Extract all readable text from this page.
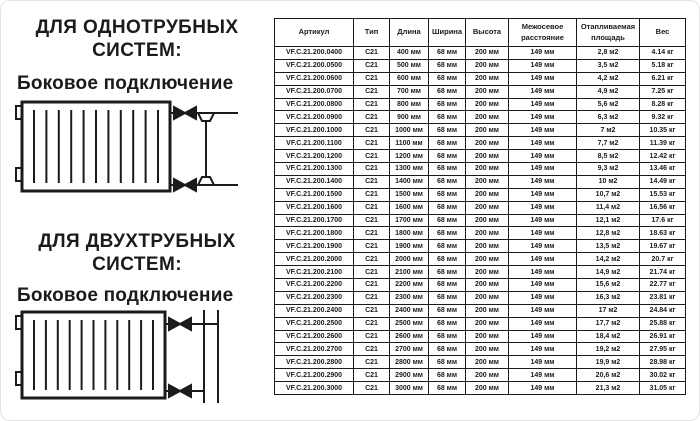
ДЛЯ ОДНОТРУБНЫХ
СИСТЕМ:
Боковое подключение
ДЛЯ ДВУХТРУБНЫХ
СИСТЕМ:
Боковое подключение
Артикул	Тип	Длина	Ширина	Высота	Межосевое расстояние	Отапливаемая площадь	Вес
VF.C.21.200.0400	C21	400 мм	68 мм	200 мм	149 мм	2,8 м2	4.14 кг
VF.C.21.200.0500	C21	500 мм	68 мм	200 мм	149 мм	3,5 м2	5.18 кг
VF.C.21.200.0600	C21	600 мм	68 мм	200 мм	149 мм	4,2 м2	6.21 кг
VF.C.21.200.0700	C21	700 мм	68 мм	200 мм	149 мм	4,9 м2	7.25 кг
VF.C.21.200.0800	C21	800 мм	68 мм	200 мм	149 мм	5,6 м2	8.28 кг
VF.C.21.200.0900	C21	900 мм	68 мм	200 мм	149 мм	6,3 м2	9.32 кг
VF.C.21.200.1000	C21	1000 мм	68 мм	200 мм	149 мм	7 м2	10.35 кг
VF.C.21.200.1100	C21	1100 мм	68 мм	200 мм	149 мм	7,7 м2	11.39 кг
VF.C.21.200.1200	C21	1200 мм	68 мм	200 мм	149 мм	8,5 м2	12.42 кг
VF.C.21.200.1300	C21	1300 мм	68 мм	200 мм	149 мм	9,3 м2	13.46 кг
VF.C.21.200.1400	C21	1400 мм	68 мм	200 мм	149 мм	10 м2	14.49 кг
VF.C.21.200.1500	C21	1500 мм	68 мм	200 мм	149 мм	10,7 м2	15.53 кг
VF.C.21.200.1600	C21	1600 мм	68 мм	200 мм	149 мм	11,4 м2	16.56 кг
VF.C.21.200.1700	C21	1700 мм	68 мм	200 мм	149 мм	12,1 м2	17.6 кг
VF.C.21.200.1800	C21	1800 мм	68 мм	200 мм	149 мм	12,8 м2	18.63 кг
VF.C.21.200.1900	C21	1900 мм	68 мм	200 мм	149 мм	13,5 м2	19.67 кг
VF.C.21.200.2000	C21	2000 мм	68 мм	200 мм	149 мм	14,2 м2	20.7 кг
VF.C.21.200.2100	C21	2100 мм	68 мм	200 мм	149 мм	14,9 м2	21.74 кг
VF.C.21.200.2200	C21	2200 мм	68 мм	200 мм	149 мм	15,6 м2	22.77 кг
VF.C.21.200.2300	C21	2300 мм	68 мм	200 мм	149 мм	16,3 м2	23.81 кг
VF.C.21.200.2400	C21	2400 мм	68 мм	200 мм	149 мм	17 м2	24.84 кг
VF.C.21.200.2500	C21	2500 мм	68 мм	200 мм	149 мм	17,7 м2	25.88 кг
VF.C.21.200.2600	C21	2600 мм	68 мм	200 мм	149 мм	18,4 м2	26.91 кг
VF.C.21.200.2700	C21	2700 мм	68 мм	200 мм	149 мм	19,2 м2	27.95 кг
VF.C.21.200.2800	C21	2800 мм	68 мм	200 мм	149 мм	19,9 м2	28.98 кг
VF.C.21.200.2900	C21	2900 мм	68 мм	200 мм	149 мм	20,6 м2	30.02 кг
VF.C.21.200.3000	C21	3000 мм	68 мм	200 мм	149 мм	21,3 м2	31.05 кг
